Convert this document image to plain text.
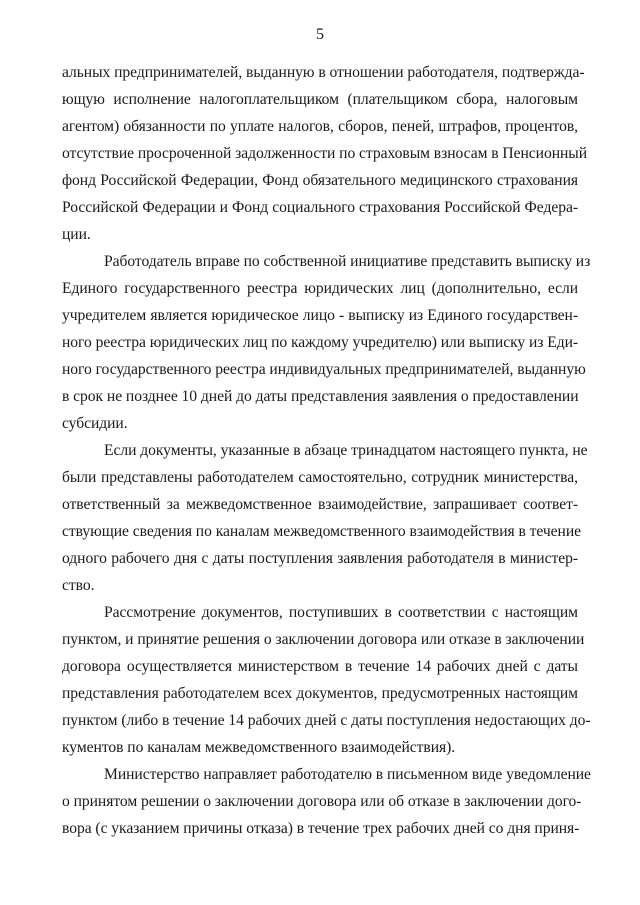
5
альных предпринимателей, выданную в отношении работодателя, подтвержда-
ющую исполнение налогоплательщиком (плательщиком сбора, налоговым
агентом) обязанности по уплате налогов, сборов, пеней, штрафов, процентов,
отсутствие просроченной задолженности по страховым взносам в Пенсионный
фонд Российской Федерации, Фонд обязательного медицинского страхования
Российской Федерации и Фонд социального страхования Российской Федера-
ции.
Работодатель вправе по собственной инициативе представить выписку из
Единого государственного реестра юридических лиц (дополнительно, если
учредителем является юридическое лицо - выписку из Единого государствен-
ного реестра юридических лиц по каждому учредителю) или выписку из Еди-
ного государственного реестра индивидуальных предпринимателей, выданную
в срок не позднее 10 дней до даты представления заявления о предоставлении
субсидии.
Если документы, указанные в абзаце тринадцатом настоящего пункта, не
были представлены работодателем самостоятельно, сотрудник министерства,
ответственный за межведомственное взаимодействие, запрашивает соответ-
ствующие сведения по каналам межведомственного взаимодействия в течение
одного рабочего дня с даты поступления заявления работодателя в министер-
ство.
Рассмотрение документов, поступивших в соответствии с настоящим
пунктом, и принятие решения о заключении договора или отказе в заключении
договора осуществляется министерством в течение 14 рабочих дней с даты
представления работодателем всех документов, предусмотренных настоящим
пунктом (либо в течение 14 рабочих дней с даты поступления недостающих до-
кументов по каналам межведомственного взаимодействия).
Министерство направляет работодателю в письменном виде уведомление
о принятом решении о заключении договора или об отказе в заключении дого-
вора (с указанием причины отказа) в течение трех рабочих дней со дня приня-
